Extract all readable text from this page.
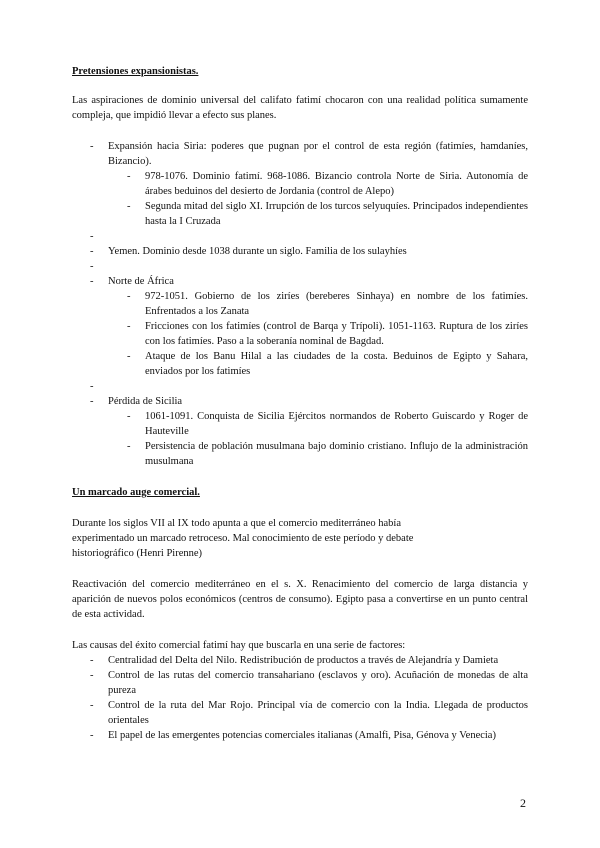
Pretensiones expansionistas.

Las aspiraciones de dominio universal del califato fatimí chocaron con una realidad política sumamente compleja, que impidió llevar a efecto sus planes.

- Expansión hacia Siria: poderes que pugnan por el control de esta región (fatimíes, hamdaníes, Bizancio).
- 978-1076. Dominio fatimí. 968-1086. Bizancio controla Norte de Siria. Autonomía de árabes beduinos del desierto de Jordania (control de Alepo)
- Segunda mitad del siglo XI. Irrupción de los turcos selyuquíes. Principados independientes hasta la I Cruzada
-
- Yemen. Dominio desde 1038 durante un siglo. Familia de los sulayhíes
-
- Norte de África
- 972-1051. Gobierno de los ziríes (bereberes Sinhaya) en nombre de los fatimíes. Enfrentados a los Zanata
- Fricciones con los fatimíes (control de Barqa y Trípoli). 1051-1163. Ruptura de los ziríes con los fatimíes. Paso a la soberanía nominal de Bagdad.
- Ataque de los Banu Hilal a las ciudades de la costa. Beduinos de Egipto y Sahara, enviados por los fatimíes
-
- Pérdida de Sicilia
- 1061-1091. Conquista de Sicilia Ejércitos normandos de Roberto Guiscardo y Roger de Hauteville
- Persistencia de población musulmana bajo dominio cristiano. Influjo de la administración musulmana

Un marcado auge comercial.

Durante los siglos VII al IX todo apunta a que el comercio mediterráneo había
experimentado un marcado retroceso. Mal conocimiento de este período y debate
historiográfico (Henri Pirenne)

Reactivación del comercio mediterráneo en el s. X. Renacimiento del comercio de larga distancia y aparición de nuevos polos económicos (centros de consumo). Egipto pasa a convertirse en un punto central de esta actividad.

Las causas del éxito comercial fatimí hay que buscarla en una serie de factores:

- Centralidad del Delta del Nilo. Redistribución de productos a través de Alejandría y Damieta
- Control de las rutas del comercio transahariano (esclavos y oro). Acuñación de monedas de alta pureza
- Control de la ruta del Mar Rojo. Principal vía de comercio con la India. Llegada de productos orientales
- El papel de las emergentes potencias comerciales italianas (Amalfi, Pisa, Génova y Venecia)
2
